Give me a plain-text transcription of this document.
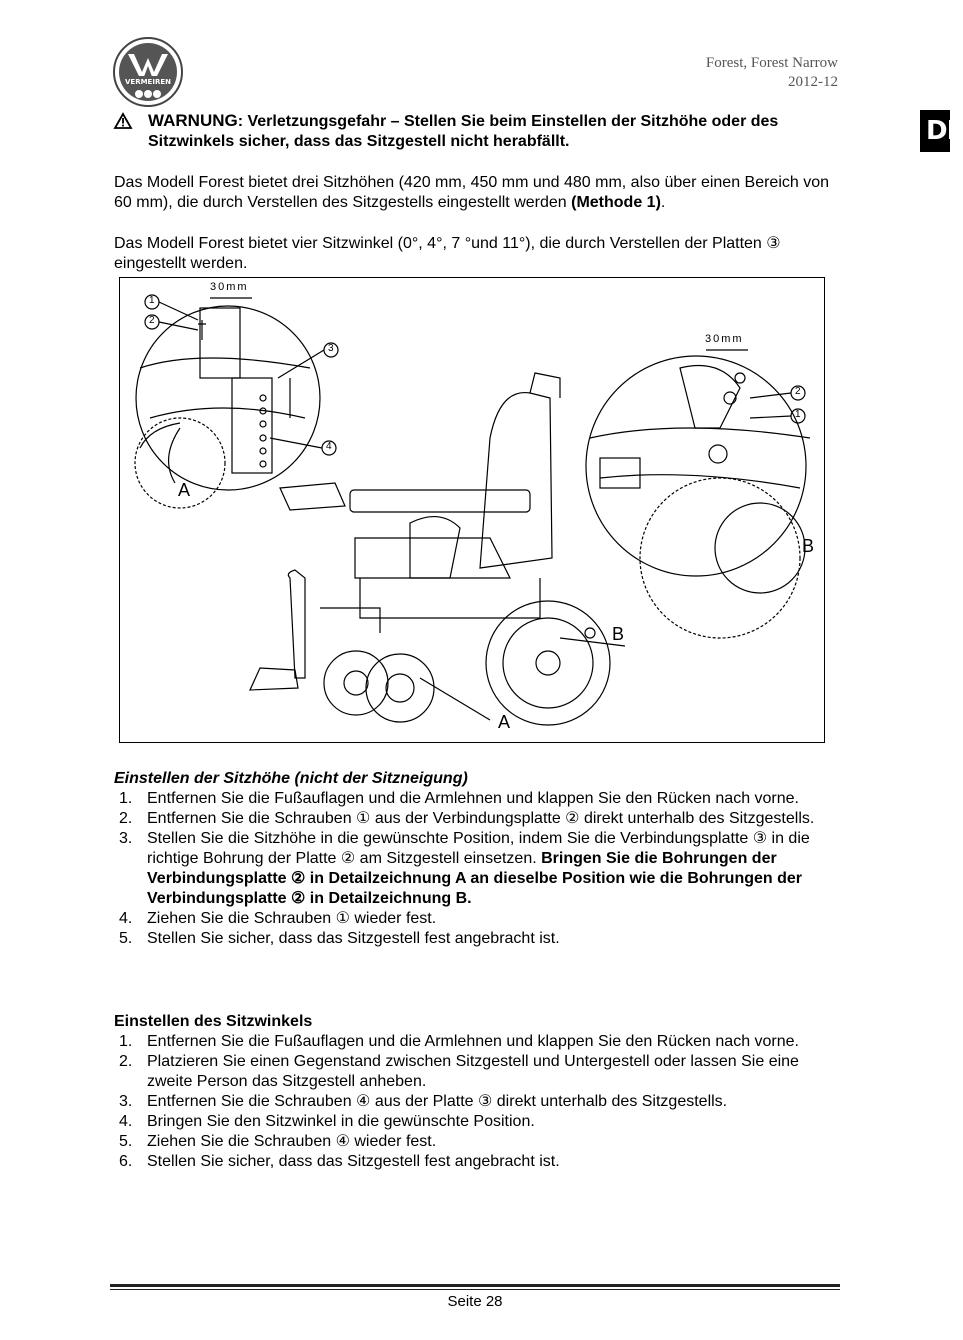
VERMEIREN
Forest, Forest Narrow
2012-12
DE
WARNUNG: Verletzungsgefahr – Stellen Sie beim Einstellen der Sitzhöhe oder des Sitzwinkels sicher, dass das Sitzgestell nicht herabfällt.
Das Modell Forest bietet drei Sitzhöhen (420 mm, 450 mm und 480 mm, also über einen Bereich von 60 mm), die durch Verstellen des Sitzgestells eingestellt werden (Methode 1).
Das Modell Forest bietet vier Sitzwinkel (0°, 4°, 7 °und 11°), die durch Verstellen der Platten ③ eingestellt werden.
30mm
30mm
1
2
3
4
2
1
A
B
B
A
Einstellen der Sitzhöhe (nicht der Sitzneigung)
1. Entfernen Sie die Fußauflagen und die Armlehnen und klappen Sie den Rücken nach vorne.
2. Entfernen Sie die Schrauben ① aus der Verbindungsplatte ② direkt unterhalb des Sitzgestells.
3. Stellen Sie die Sitzhöhe in die gewünschte Position, indem Sie die Verbindungsplatte ③ in die richtige Bohrung der Platte ② am Sitzgestell einsetzen. Bringen Sie die Bohrungen der Verbindungsplatte ② in Detailzeichnung A an dieselbe Position wie die Bohrungen der Verbindungsplatte ② in Detailzeichnung B.
4. Ziehen Sie die Schrauben ① wieder fest.
5. Stellen Sie sicher, dass das Sitzgestell fest angebracht ist.
Einstellen des Sitzwinkels
1. Entfernen Sie die Fußauflagen und die Armlehnen und klappen Sie den Rücken nach vorne.
2. Platzieren Sie einen Gegenstand zwischen Sitzgestell und Untergestell oder lassen Sie eine zweite Person das Sitzgestell anheben.
3. Entfernen Sie die Schrauben ④ aus der Platte ③ direkt unterhalb des Sitzgestells.
4. Bringen Sie den Sitzwinkel in die gewünschte Position.
5. Ziehen Sie die Schrauben ④ wieder fest.
6. Stellen Sie sicher, dass das Sitzgestell fest angebracht ist.
Seite 28
